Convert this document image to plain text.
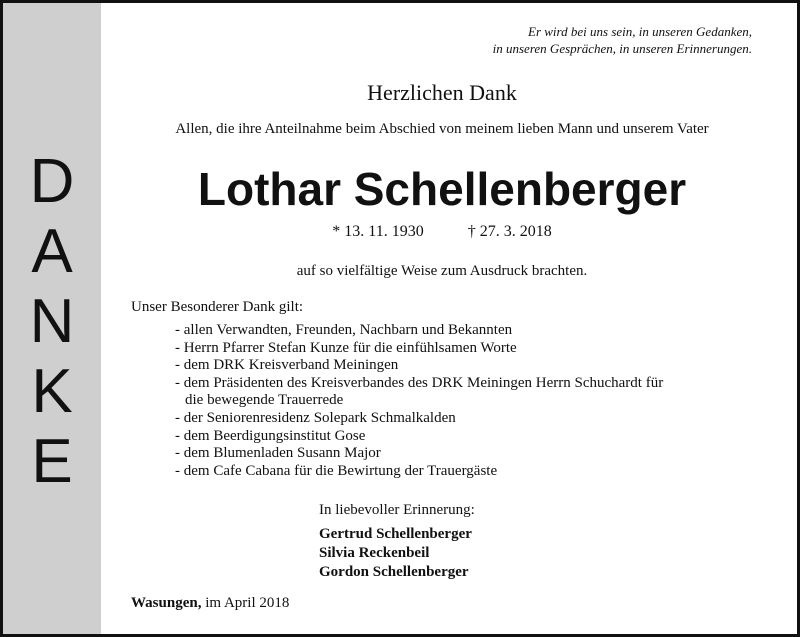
D
A
N
K
E
Er wird bei uns sein, in unseren Gedanken,
in unseren Gesprächen, in unseren Erinnerungen.
Herzlichen Dank
Allen, die ihre Anteilnahme beim Abschied von meinem lieben Mann und unserem Vater
Lothar Schellenberger
* 13. 11. 1930	† 27. 3. 2018
auf so vielfältige Weise zum Ausdruck brachten.
Unser Besonderer Dank gilt:
- allen Verwandten, Freunden, Nachbarn und Bekannten
- Herrn Pfarrer Stefan Kunze für die einfühlsamen Worte
- dem DRK Kreisverband Meiningen
- dem Präsidenten des Kreisverbandes des DRK Meiningen Herrn Schuchardt für
die bewegende Trauerrede
- der Seniorenresidenz Solepark Schmalkalden
- dem Beerdigungsinstitut Gose
- dem Blumenladen Susann Major
- dem Cafe Cabana für die Bewirtung der Trauergäste
In liebevoller Erinnerung:
Gertrud Schellenberger
Silvia Reckenbeil
Gordon Schellenberger
Wasungen, im April 2018
